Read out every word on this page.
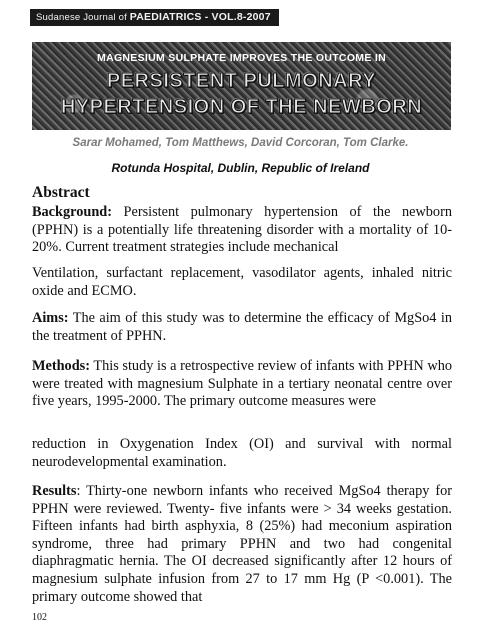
Sudanese Journal of PAEDIATRICS - VOL.8-2007
MAGNESIUM SULPHATE IMPROVES THE OUTCOME IN
PERSISTENT PULMONARY
HYPERTENSION OF THE NEWBORN
Sarar Mohamed, Tom Matthews, David Corcoran, Tom Clarke.
Rotunda Hospital, Dublin, Republic of Ireland
Abstract

Background: Persistent pulmonary hypertension of the newborn (PPHN) is a potentially life threatening disorder with a mortality of 10-20%. Current treatment strategies include mechanical

Ventilation, surfactant replacement, vasodilator agents, inhaled nitric oxide and ECMO.

Aims: The aim of this study was to determine the efficacy of MgSo4 in the treatment of PPHN.

Methods: This study is a retrospective review of infants with PPHN who were treated with magnesium Sulphate in a tertiary neonatal centre over five years, 1995-2000. The primary outcome measures were

reduction in Oxygenation Index (OI) and survival with normal neurodevelopmental examination.

Results: Thirty-one newborn infants who received MgSo4 therapy for PPHN were reviewed. Twenty- five infants were > 34 weeks gestation. Fifteen infants had birth asphyxia, 8 (25%) had meconium aspiration syndrome, three had primary PPHN and two had congenital diaphragmatic hernia. The OI decreased significantly after 12 hours of magnesium sulphate infusion from 27 to 17 mm Hg (P <0.001). The primary outcome showed that

102
